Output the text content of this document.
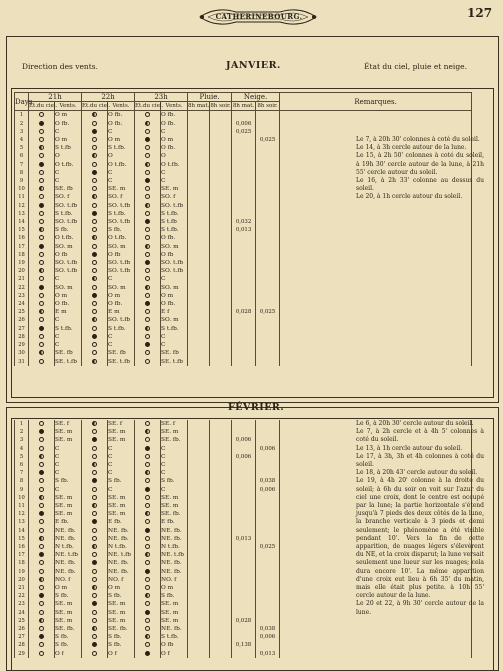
CATHERINEBOURG.	127
Direction des vents.	JANVIER.	État du ciel, pluie et neige.
Days	21h		22h		23h		Pluie.		Neige.		Remarques.
	Et.du ciel.	Vents.	Et.du ciel.	Vents.	Et.du ciel.	Vents.	8h mat.	8h soir.	8h mat.	8h soir.	
1		O m		O fb.		O fb.					
2		O fb.		O fb.		O fb.			0,006		
3		C		C		C			0,025		
4		O m		O m		O m				0,025	
5		S t.fb		S t.fb.		O fb.					
6		O		O		O					
7		O t.fb.		O t.fb.		O t.fb.					
8		C		C		C					
9		C		C		C					
10		SE. fb		SE. m		SE. m					
11		SO. f		SO. f		SO. f					
12		SO. t.fb		SO. t.fb		SO. t.fb					
13		S t.fb.		S t.fb.		S t.fb.					
14		SO. t.fb		SO. t.fb		S t.fb			0,032		
15		S fb.		S fb.		S t.fb.			0,013		
16		O t.fb.		O t.fb.		O fb.					
17		SO. m		SO. m		SO. m					
18		O fb		O fb		O fb					
19		SO. t.fb		SO. t.fb		SO. t.fb					
20		SO. t.fb		SO. t.fb		SO. t.fb					
21		C		C		C					
22		SO. m		SO. m		SO. m					
23		O m		O m		O m					
24		O fb.		O fb.		O fb.					
25		E m		E m		E f			0,028	0,025	
26		C		SO. t.fb		SO. m					
27		S t.fb.		S t.fb.		S t.fb.					
28		C		C		C					
29		C		C		C					
30		SE. fb		SE. fb		SE. fb					
31		SE. t.fb		SE. t.fb		SE. t.fb					

Le 7, à 20h 30' colonnes à coté du soleil.

Le 14, à 3h cercle autour de la lune.

Le 15, à 2h 50' colonnes à coté du soleil, à 19h 30' cercle autour de la lune, à 21h 55' cercle autour du soleil.

Le 16, à 2h 33' colonne au dessus du soleil.

Le 20, à 1h cercle autour du soleil.

FÉVRIER.
1		SE. f		SE. f		SE. f					
2		SE. m		SE. m		SE. m					
3		SE. m		SE. m		SE. fb.			0,006		
4		C		C		C				0,006	
5		C		C		C			0,006		
6		C		C		C					
7		C		C		C					
8		S fb.		S fb.		S fb.				0,038	
9		C		C		C				0,006	
10		SE. m		SE. m		SE. m					
11		SE. m		SE. m		SE. m					
12		SE. m		SE. m		SE. fb.					
13		E fb.		E fb.		E fb.					
14		NE. fb.		NE. fb.		NE. fb.					
15		NE. fb.		NE. fb.		NE. fb.			0,013		
16		N t.fb.		N t.fb.		N t.fb.				0,025	
17		NE. t.fb		NE. t.fb		NE. t.fb					
18		NE. fb.		NE. fb.		NE. fb.					
19		NE. fb.		NE. fb.		NE. fb.					
20		NO. f		NO. f		NO. f					
21		O m		O m		O m					
22		S fb.		S fb.		S fb.					
23		SE. m		SE. m		SE. m					
24		SE. m		SE. m		SE. m					
25		SE. m		SE. m		SE. m			0,028		
26		SE. fb.		SE. fb.		NE. fb.				0,038	
27		S fb.		S fb.		S t.fb.				0,006	
28		S fb.		S fb.		O fb			0,138		
29		O f		O f		O f				0,013	

Le 6, à 20h 30' cercle autour du soleil.

Le 7, à 2h cercle et à 4h 5' colonnes à coté du soleil.

Le 13, à 1h cercle autour du soleil.

Le 17, à 3h, 3h et 4h colonnes à coté du soleil.

Le 18, à 20h 43' cercle autour du soleil.

Le 19, à 4h 20' colonne à la droite du soleil; à 6h du soir on voit sur l'azur du ciel une croix, dont le centre est occupé par la lune; la partie horizontale s'étend jusqu'à 7 pieds des deux côtés de la lune, la branche verticale à 3 pieds et demi seulement; le phénomène a été visible pendant 10'. Vers la fin de cette apparition, de nuages légers s'élevèrent du NE, et la croix disparut; la lune versait seulement une lueur sur les nuages; cela dura encore 10'. La même apparition d'une croix eut lieu à 6h 35' du matin, mais elle était plus petite. à 10h 55' cercle autour de la lune.

Le 20 et 22, à 9h 30' cercle autour de la lune.
